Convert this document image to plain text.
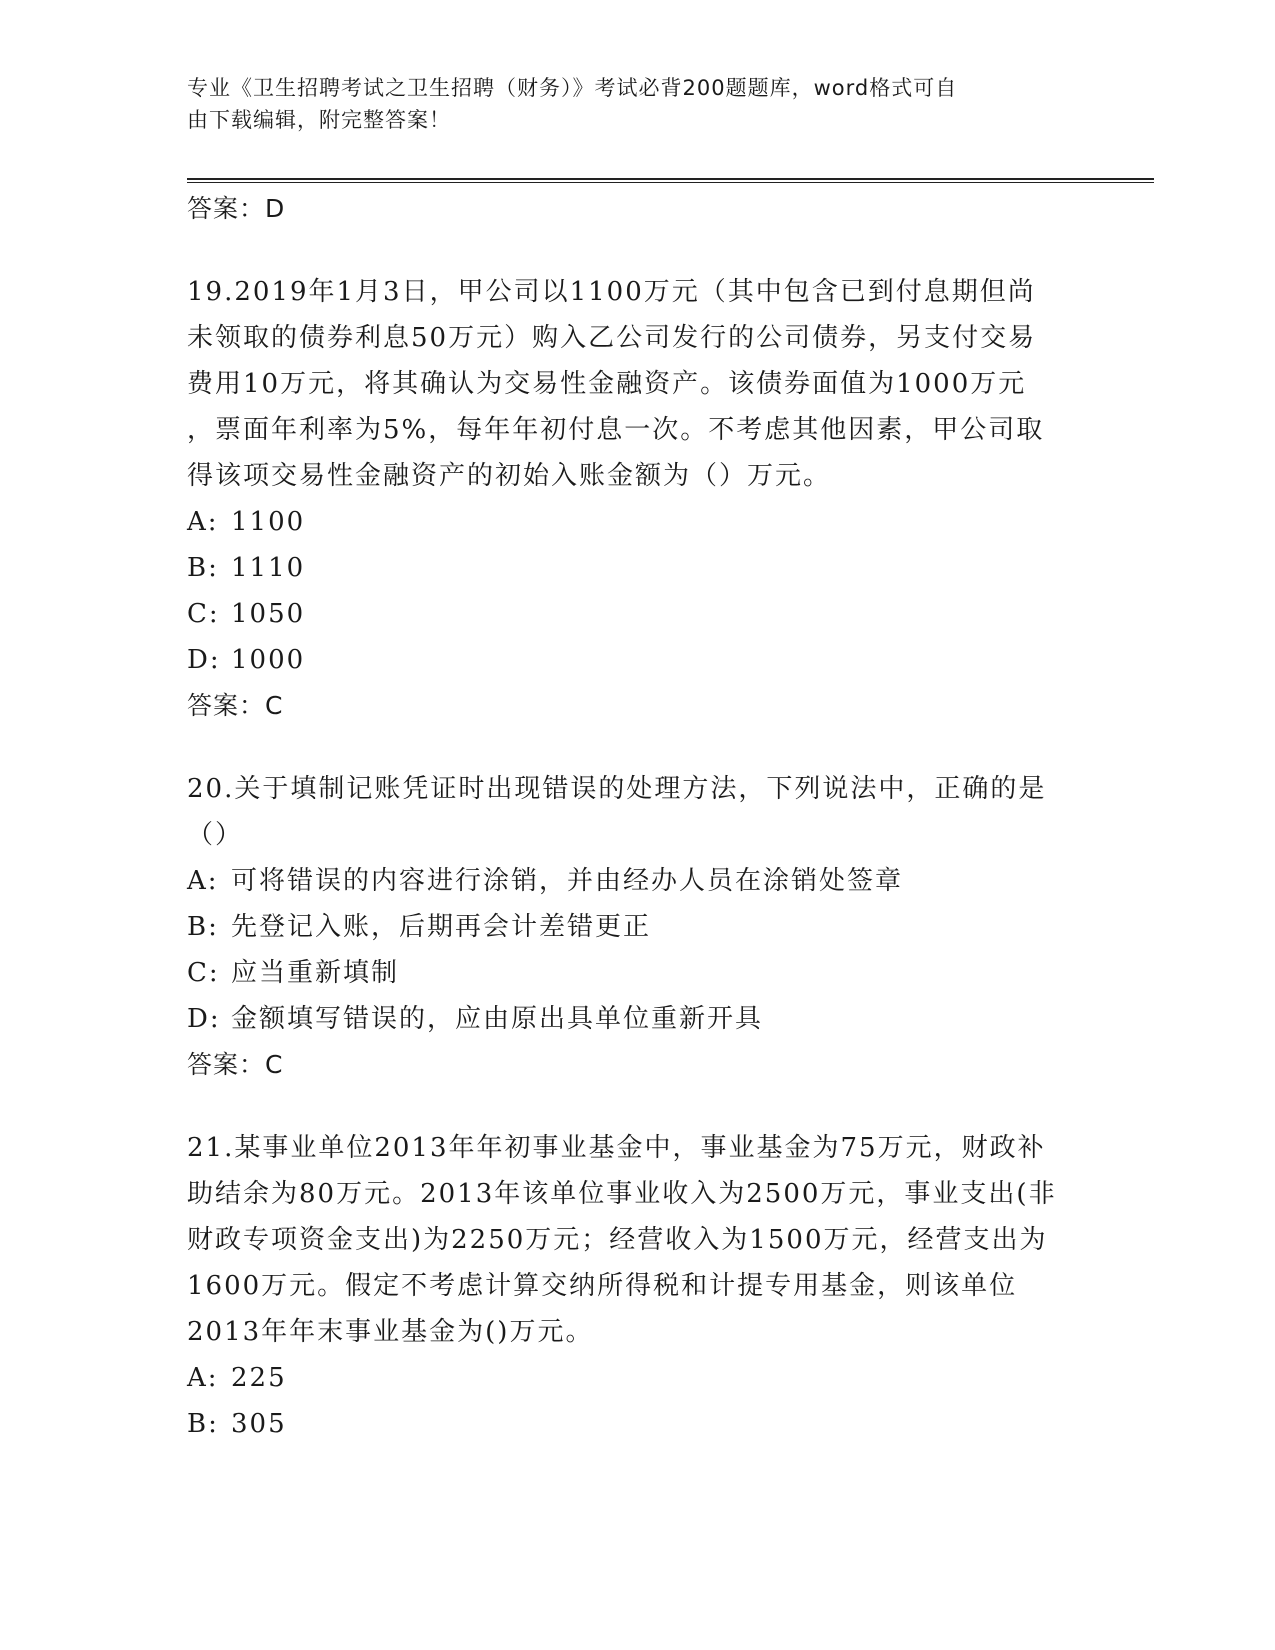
专业《卫生招聘考试之卫生招聘（财务）》考试必背200题题库，word格式可自
由下载编辑，附完整答案！
答案：D
19.2019年1月3日，甲公司以1100万元（其中包含已到付息期但尚
未领取的债券利息50万元）购入乙公司发行的公司债券，另支付交易
费用10万元，将其确认为交易性金融资产。该债券面值为1000万元
，票面年利率为5%，每年年初付息一次。不考虑其他因素，甲公司取
得该项交易性金融资产的初始入账金额为（）万元。
A: 1100
B: 1110
C: 1050
D: 1000
答案：C
20.关于填制记账凭证时出现错误的处理方法，下列说法中，正确的是
（）
A: 可将错误的内容进行涂销，并由经办人员在涂销处签章
B: 先登记入账，后期再会计差错更正
C: 应当重新填制
D: 金额填写错误的，应由原出具单位重新开具
答案：C
21.某事业单位2013年年初事业基金中，事业基金为75万元，财政补
助结余为80万元。2013年该单位事业收入为2500万元，事业支出(非
财政专项资金支出)为2250万元；经营收入为1500万元，经营支出为
1600万元。假定不考虑计算交纳所得税和计提专用基金，则该单位
2013年年末事业基金为()万元。
A: 225
B: 305
